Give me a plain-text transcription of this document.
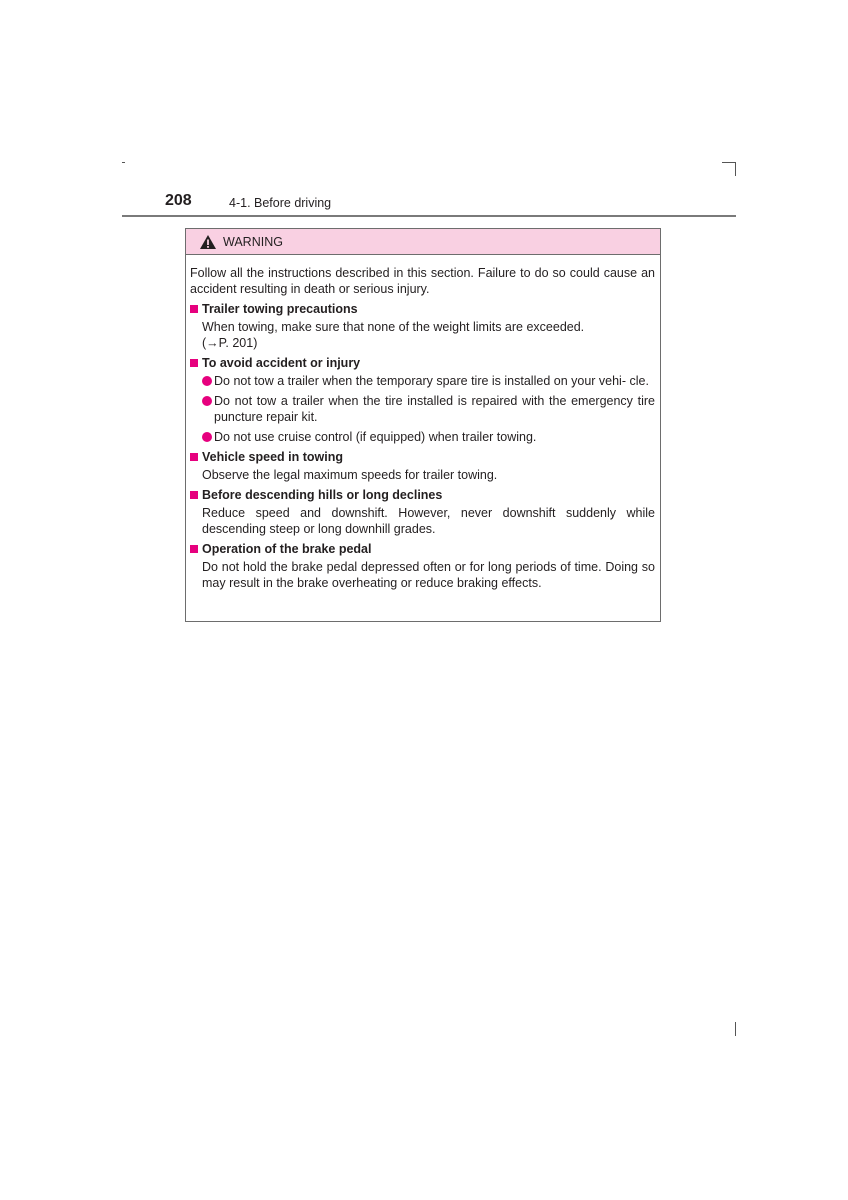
208	4-1. Before driving
WARNING

Follow all the instructions described in this section. Failure to do so could cause an accident resulting in death or serious injury.

Trailer towing precautions

When towing, make sure that none of the weight limits are exceeded.
(→P. 201)

To avoid accident or injury

Do not tow a trailer when the temporary spare tire is installed on your vehi- cle.
Do not tow a trailer when the tire installed is repaired with the emergency tire puncture repair kit.
Do not use cruise control (if equipped) when trailer towing.

Vehicle speed in towing

Observe the legal maximum speeds for trailer towing.

Before descending hills or long declines

Reduce speed and downshift. However, never downshift suddenly while descending steep or long downhill grades.

Operation of the brake pedal

Do not hold the brake pedal depressed often or for long periods of time. Doing so may result in the brake overheating or reduce braking effects.
